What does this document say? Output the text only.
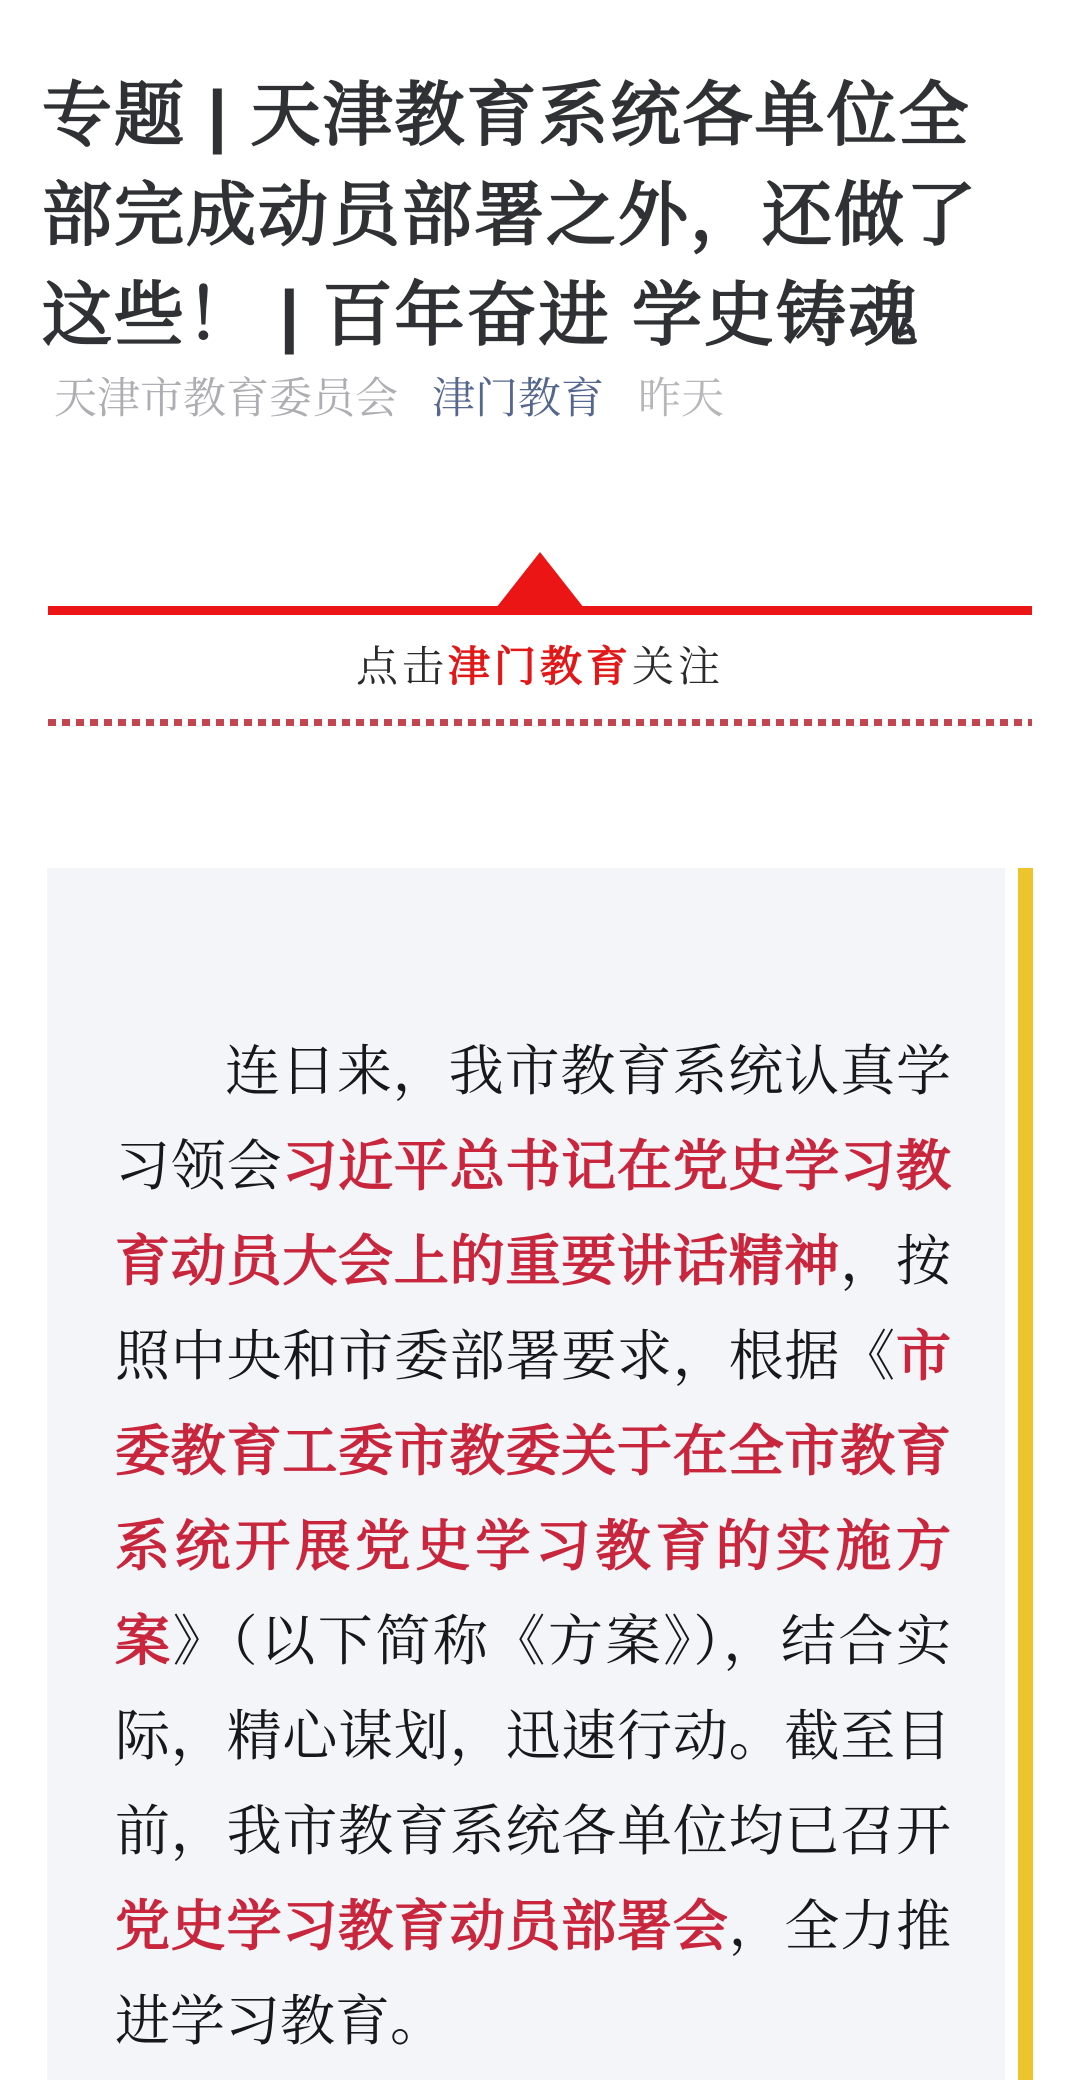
专题 | 天津教育系统各单位全
部完成动员部署之外，还做了
这些！ | 百年奋进 学史铸魂
天津市教育委员会 津门教育 昨天
点击津门教育关注

连日来，我市教育系统认真学习领会习近平总书记在党史学习教育动员大会上的重要讲话精神，按照中央和市委部署要求，根据《市委教育工委市教委关于在全市教育系统开展党史学习教育的实施方案》（以下简称《方案》），结合实际，精心谋划，迅速行动。截至目前，我市教育系统各单位均已召开党史学习教育动员部署会，全力推进学习教育。
